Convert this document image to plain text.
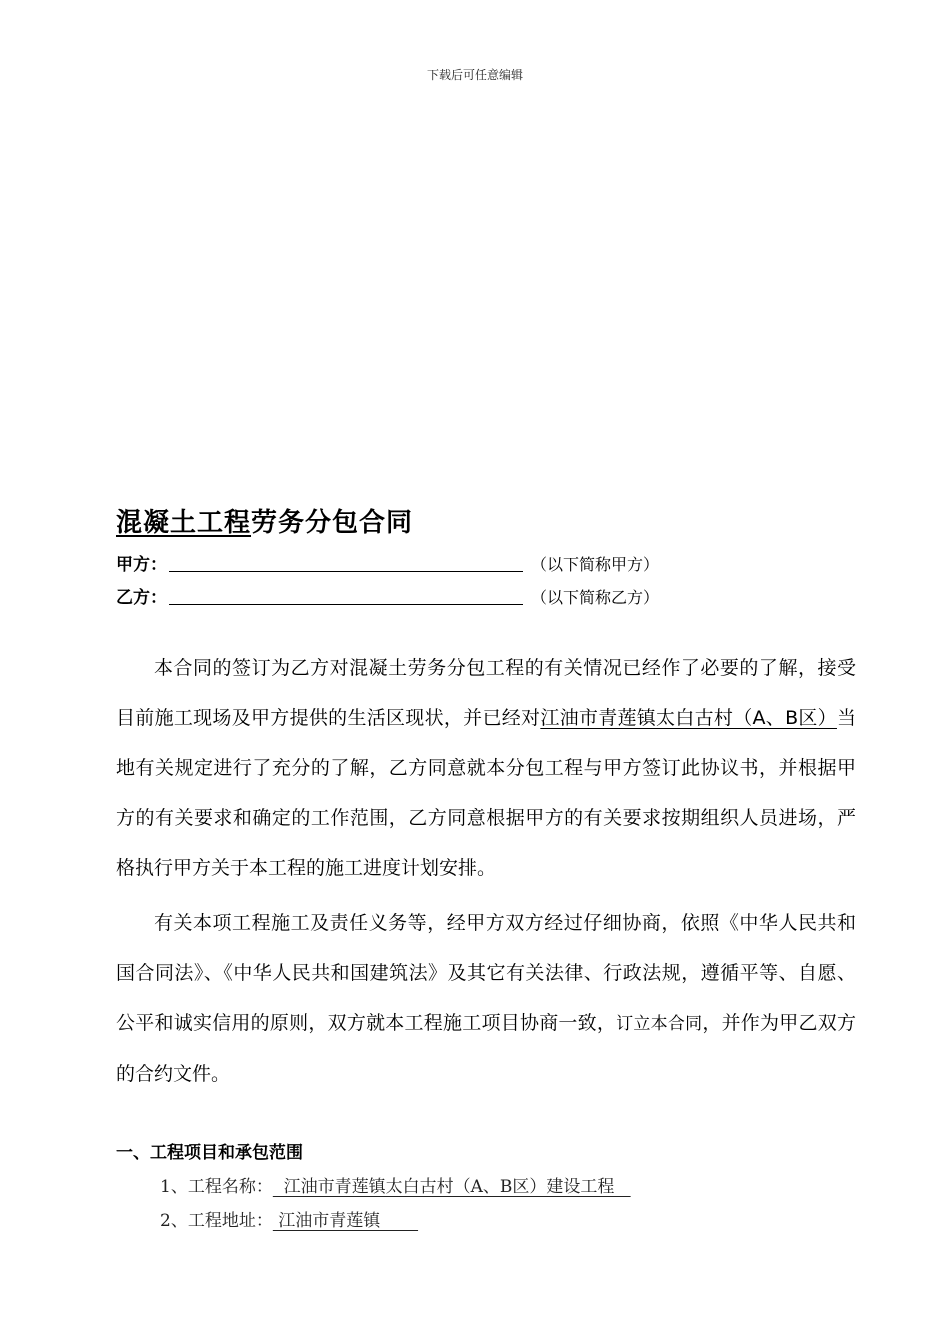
下载后可任意编辑
混凝土工程劳务分包合同
甲方：	（以下简称甲方）
乙方：	（以下简称乙方）
本合同的签订为乙方对混凝土劳务分包工程的有关情况已经作了必要的了解，接受目前施工现场及甲方提供的生活区现状，并已经对江油市青莲镇太白古村（A、B区）当地有关规定进行了充分的了解，乙方同意就本分包工程与甲方签订此协议书，并根据甲方的有关要求和确定的工作范围，乙方同意根据甲方的有关要求按期组织人员进场，严格执行甲方关于本工程的施工进度计划安排。
有关本项工程施工及责任义务等，经甲方双方经过仔细协商，依照《中华人民共和国合同法》、《中华人民共和国建筑法》及其它有关法律、行政法规，遵循平等、自愿、公平和诚实信用的原则，双方就本工程施工项目协商一致，订立本合同，并作为甲乙双方的合约文件。
一、工程项目和承包范围
1、工程名称：  江油市青莲镇太白古村（A、B区）建设工程
2、工程地址： 江油市青莲镇
